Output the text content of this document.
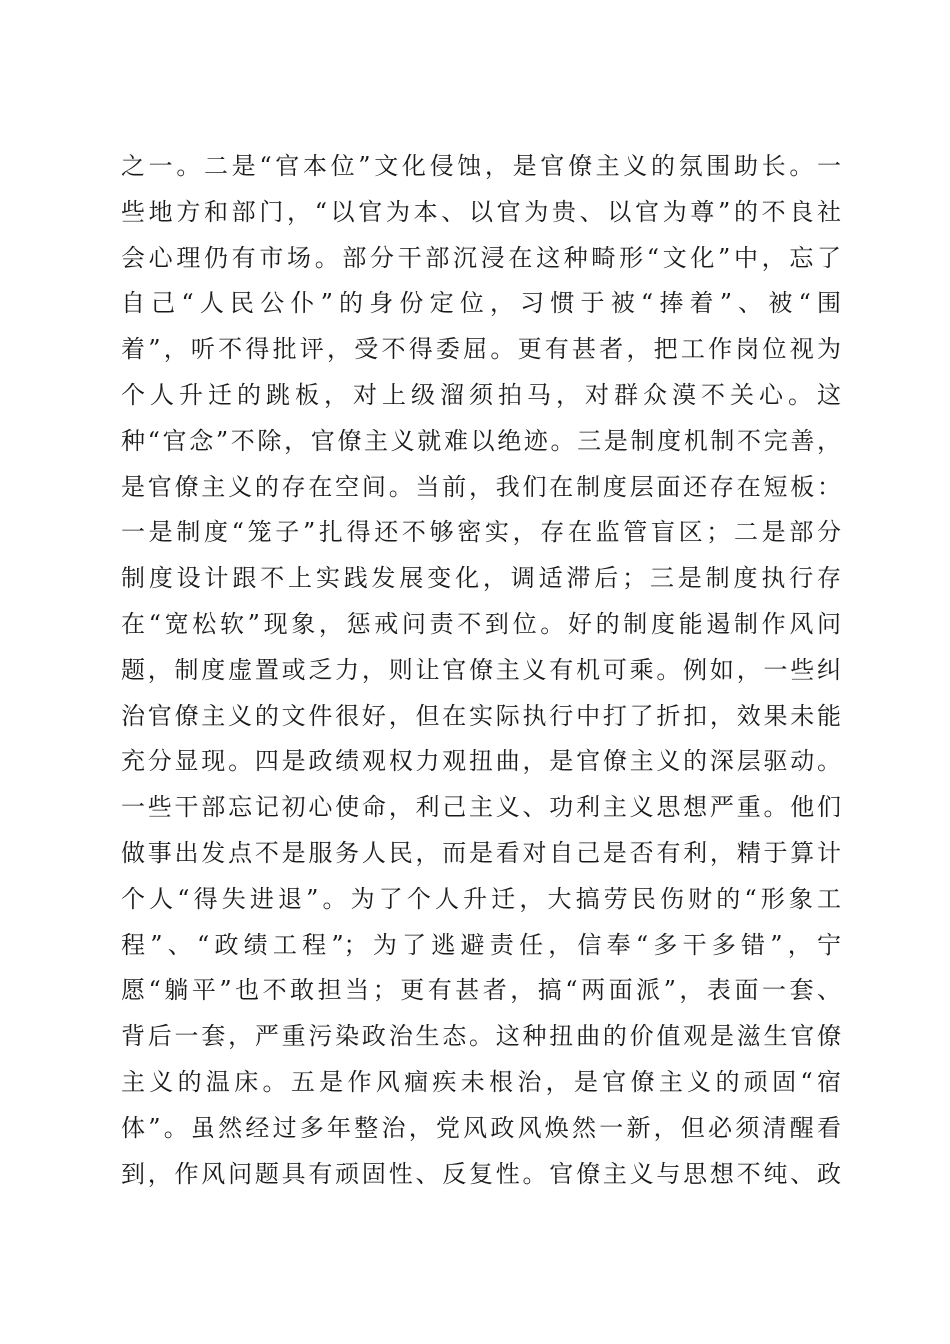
之一。二是“官本位”文化侵蚀，是官僚主义的氛围助长。一
些地方和部门，“以官为本、以官为贵、以官为尊”的不良社
会心理仍有市场。部分干部沉浸在这种畸形“文化”中，忘了
自己“人民公仆”的身份定位，习惯于被“捧着”、被“围
着”，听不得批评，受不得委屈。更有甚者，把工作岗位视为
个人升迁的跳板，对上级溜须拍马，对群众漠不关心。这
种“官念”不除，官僚主义就难以绝迹。三是制度机制不完善，
是官僚主义的存在空间。当前，我们在制度层面还存在短板：
一是制度“笼子”扎得还不够密实，存在监管盲区；二是部分
制度设计跟不上实践发展变化，调适滞后；三是制度执行存
在“宽松软”现象，惩戒问责不到位。好的制度能遏制作风问
题，制度虚置或乏力，则让官僚主义有机可乘。例如，一些纠
治官僚主义的文件很好，但在实际执行中打了折扣，效果未能
充分显现。四是政绩观权力观扭曲，是官僚主义的深层驱动。
一些干部忘记初心使命，利己主义、功利主义思想严重。他们
做事出发点不是服务人民，而是看对自己是否有利，精于算计
个人“得失进退”。为了个人升迁，大搞劳民伤财的“形象工
程”、“政绩工程”；为了逃避责任，信奉“多干多错”，宁
愿“躺平”也不敢担当；更有甚者，搞“两面派”，表面一套、
背后一套，严重污染政治生态。这种扭曲的价值观是滋生官僚
主义的温床。五是作风痼疾未根治，是官僚主义的顽固“宿
体”。虽然经过多年整治，党风政风焕然一新，但必须清醒看
到，作风问题具有顽固性、反复性。官僚主义与思想不纯、政
